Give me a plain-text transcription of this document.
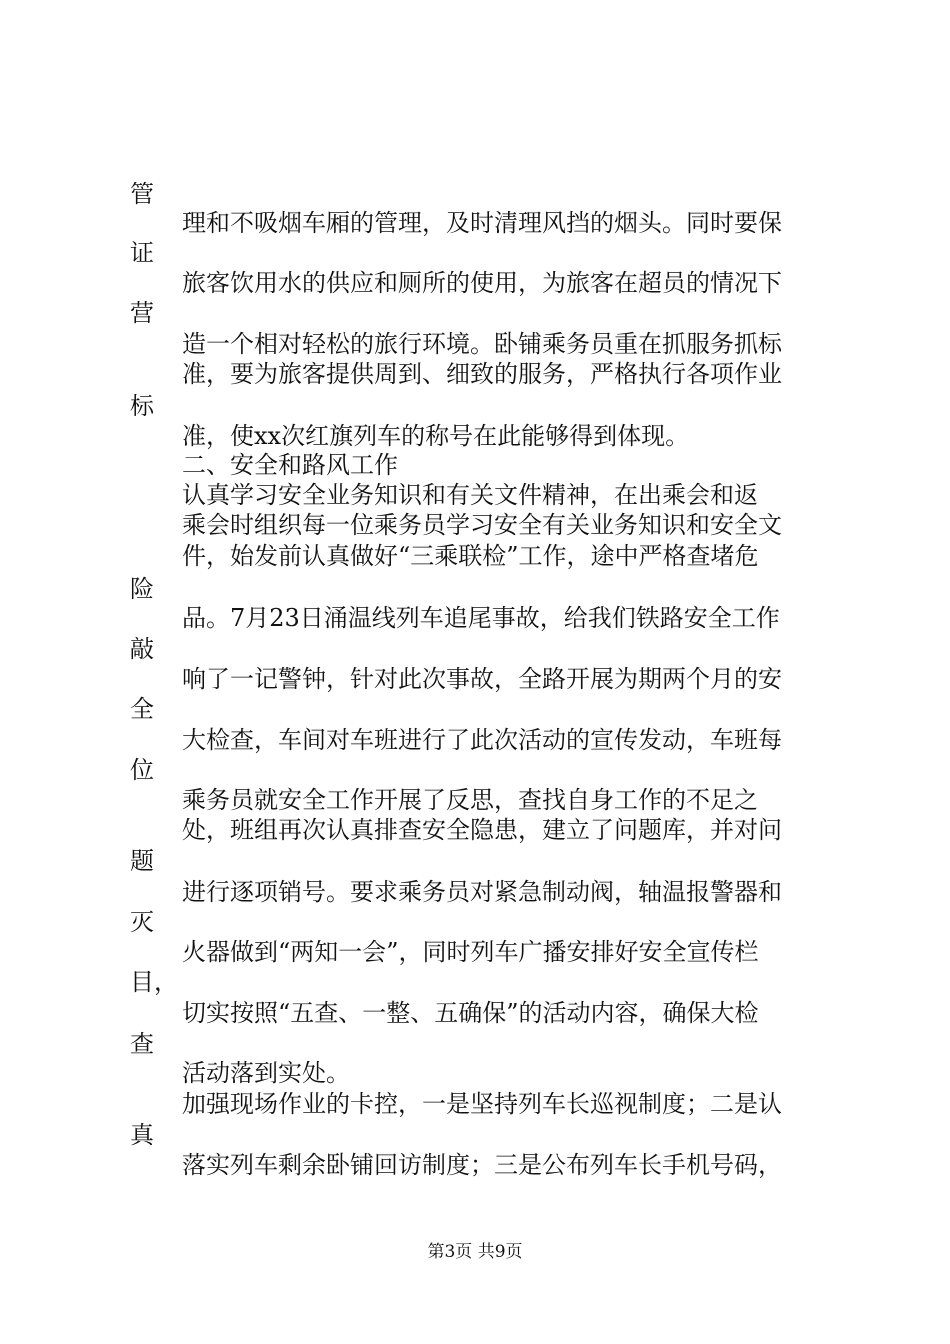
管
理和不吸烟车厢的管理，及时清理风挡的烟头。同时要保
证
旅客饮用水的供应和厕所的使用，为旅客在超员的情况下
营
造一个相对轻松的旅行环境。卧铺乘务员重在抓服务抓标
准，要为旅客提供周到、细致的服务，严格执行各项作业
标
准，使xx次红旗列车的称号在此能够得到体现。
二、安全和路风工作
认真学习安全业务知识和有关文件精神，在出乘会和返
乘会时组织每一位乘务员学习安全有关业务知识和安全文
件，始发前认真做好“三乘联检”工作，途中严格查堵危
险
品。7月23日涌温线列车追尾事故，给我们铁路安全工作
敲
响了一记警钟，针对此次事故，全路开展为期两个月的安
全
大检查，车间对车班进行了此次活动的宣传发动，车班每
位
乘务员就安全工作开展了反思，查找自身工作的不足之
处，班组再次认真排查安全隐患，建立了问题库，并对问
题
进行逐项销号。要求乘务员对紧急制动阀，轴温报警器和
灭
火器做到“两知一会”，同时列车广播安排好安全宣传栏
目，
切实按照“五查、一整、五确保”的活动内容，确保大检
查
活动落到实处。
加强现场作业的卡控，一是坚持列车长巡视制度；二是认
真
落实列车剩余卧铺回访制度；三是公布列车长手机号码，
第3页 共9页
